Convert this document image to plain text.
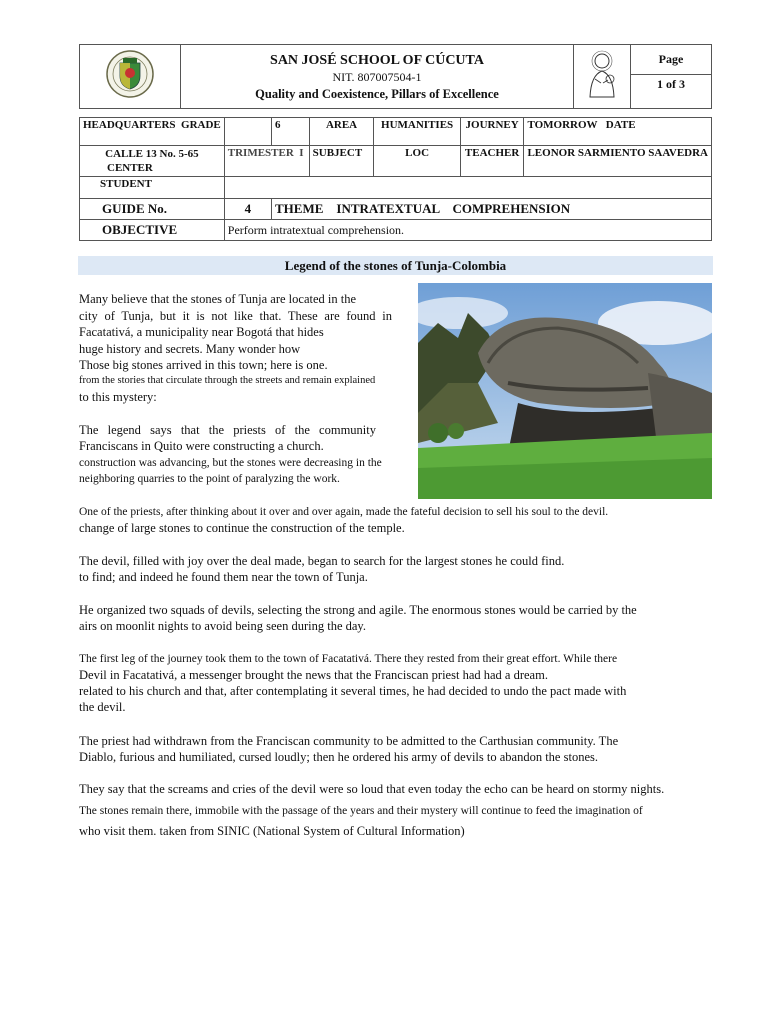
SAN JOSÉ SCHOOL OF CÚCUTA
NIT. 807007504-1
Quality and Coexistence, Pillars of Excellence

Page
1 of 3
HEADQUARTERS GRADE		6	AREA	HUMANITIES	JOURNEY	TOMORROW DATE

CALLE 13 No. 5-65
CENTER	TRIMESTER I		SUBJECT	LOC	TEACHER	LEONOR SARMIENTO SAAVEDRA
STUDENT						
GUIDE No.	4	THEME INTRATEXTUAL    COMPREHENSION				
OBJECTIVE	Perform intratextual comprehension.					
Legend of the stones of Tunja-Colombia
Many believe that the stones of Tunja are located in the
city of Tunja, but it is not like that. These are found in
Facatativá, a municipality near Bogotá that hides
huge history and secrets. Many wonder how
Those big stones arrived in this town; here is one.
from the stories that circulate through the streets and remain explained
to this mystery:
The legend says that the priests of the community
Franciscans in Quito were constructing a church.
construction was advancing, but the stones were decreasing in the
neighboring quarries to the point of paralyzing the work.
One of the priests, after thinking about it over and over again, made the fateful decision to sell his soul to the devil.
change of large stones to continue the construction of the temple.
The devil, filled with joy over the deal made, began to search for the largest stones he could find.
to find; and indeed he found them near the town of Tunja.
He organized two squads of devils, selecting the strong and agile. The enormous stones would be carried by the
airs on moonlit nights to avoid being seen during the day.
The first leg of the journey took them to the town of Facatativá. There they rested from their great effort. While there
Devil in Facatativá, a messenger brought the news that the Franciscan priest had had a dream.
related to his church and that, after contemplating it several times, he had decided to undo the pact made with
the devil.
The priest had withdrawn from the Franciscan community to be admitted to the Carthusian community. The
Diablo, furious and humiliated, cursed loudly; then he ordered his army of devils to abandon the stones.
They say that the screams and cries of the devil were so loud that even today the echo can be heard on stormy nights.
The stones remain there, immobile with the passage of the years and their mystery will continue to feed the imagination of
who visit them. taken from SINIC (National System of Cultural Information)
